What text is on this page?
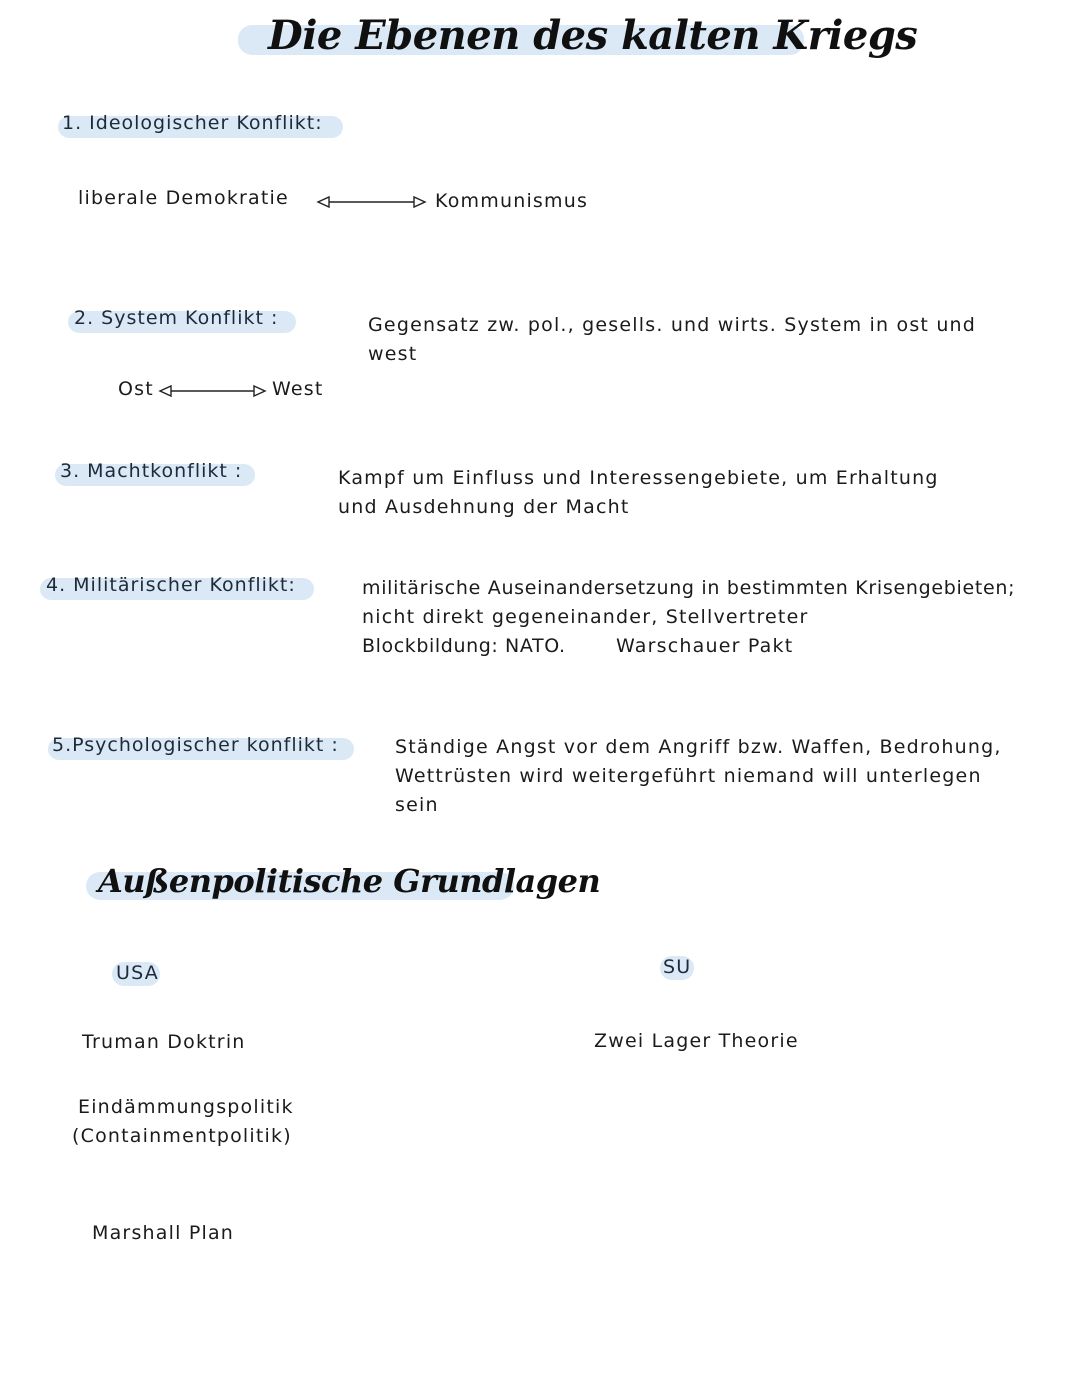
Die Ebenen des kalten Kriegs
1. Ideologischer Konflikt:
liberale Demokratie	Kommunismus
2. System Konflikt :	Gegensatz zw. pol., gesells. und wirts. System in ost und
west
Ost	West
3. Machtkonflikt :	Kampf um Einfluss und Interessengebiete, um Erhaltung
und Ausdehnung der Macht
4. Militärischer Konflikt:	militärische Auseinandersetzung in bestimmten Krisengebieten;
nicht direkt gegeneinander, Stellvertreter
Blockbildung: NATO.	Warschauer Pakt
5.Psychologischer konflikt :	Ständige Angst vor dem Angriff bzw. Waffen, Bedrohung,
Wettrüsten wird weitergeführt niemand will unterlegen
sein
Außenpolitische Grundlagen
USA
Truman Doktrin
Eindämmungspolitik
(Containmentpolitik)
Marshall Plan
SU
Zwei Lager Theorie
